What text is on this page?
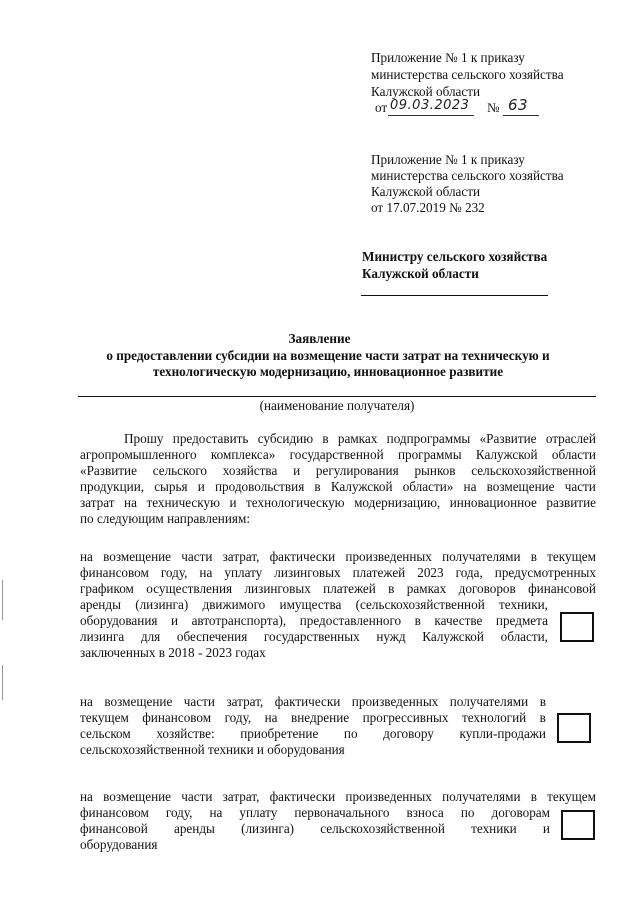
Приложение № 1 к приказу
министерства сельского хозяйства
Калужской области
от 09.03.2023 № 63
Приложение № 1 к приказу
министерства сельского хозяйства
Калужской области
от 17.07.2019 № 232
Министру сельского хозяйства
Калужской области
Заявление
о предоставлении субсидии на возмещение части затрат на техническую и
технологическую модернизацию, инновационное развитие
(наименование получателя)
Прошу предоставить субсидию в рамках подпрограммы «Развитие отраслей
агропромышленного комплекса» государственной программы Калужской области
«Развитие сельского хозяйства и регулирования рынков сельскохозяйственной
продукции, сырья и продовольствия в Калужской области» на возмещение части
затрат на техническую и технологическую модернизацию, инновационное развитие
по следующим направлениям:
на возмещение части затрат, фактически произведенных получателями в текущем
финансовом году, на уплату лизинговых платежей 2023 года, предусмотренных
графиком осуществления лизинговых платежей в рамках договоров финансовой
аренды (лизинга) движимого имущества (сельскохозяйственной техники,
оборудования и автотранспорта), предоставленного в качестве предмета
лизинга для обеспечения государственных нужд Калужской области,
заключенных в 2018 - 2023 годах
на возмещение части затрат, фактически произведенных получателями в
текущем финансовом году, на внедрение прогрессивных технологий в
сельском хозяйстве: приобретение по договору купли-продажи
сельскохозяйственной техники и оборудования
на возмещение части затрат, фактически произведенных получателями в текущем
финансовом году, на уплату первоначального взноса по договорам
финансовой аренды (лизинга) сельскохозяйственной техники и
оборудования
